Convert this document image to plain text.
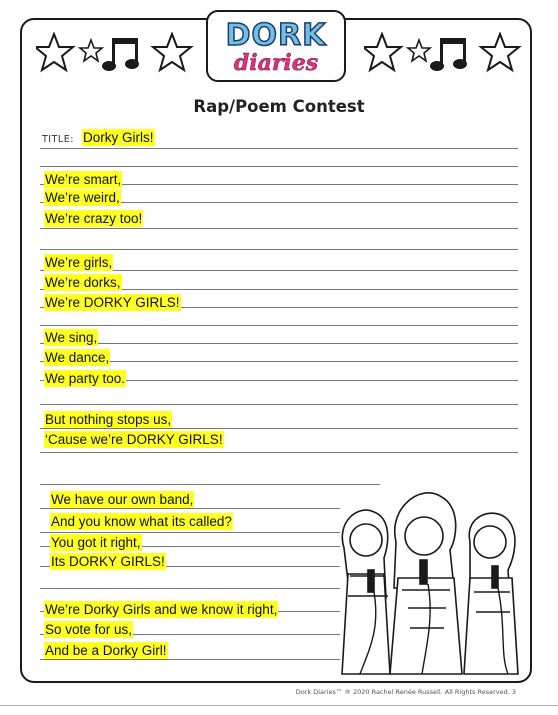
DORK
diaries
Rap/Poem Contest
TITLE: Dorky Girls!
We’re smart,
We’re weird,
We’re crazy too!
We’re girls,
We’re dorks,
We’re DORKY GIRLS!
We sing,
We dance,
We party too.
But nothing stops us,
‘Cause we’re DORKY GIRLS!
We have our own band,
And you know what its called?
You got it right,
Its DORKY GIRLS!
We’re Dorky Girls and we know it right,
So vote for us,
And be a Dorky Girl!
Dork Diaries™ ® 2020 Rachel Renée Russell. All Rights Reserved. 3
